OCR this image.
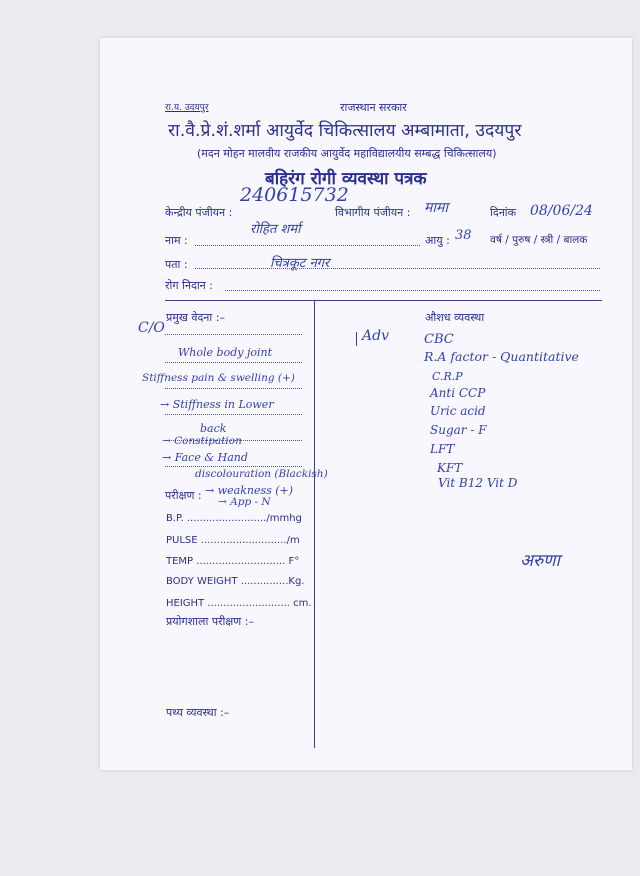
रा.य. उदयपुर	राजस्थान सरकार
रा.वै.प्रे.शं.शर्मा आयुर्वेद चिकित्सालय अम्बामाता, उदयपुर
(मदन मोहन मालवीय राजकीय आयुर्वेद महाविद्यालयीय सम्बद्ध चिकित्सालय)
बहिरंग रोगी व्यवस्था पत्रक
केन्द्रीय पंजीयन :
240615732
विभागीय पंजीयन : मामा	दिनांक 08/06/24
नाम :
रोहित शर्मा
आयु : 38 वर्ष / पुरुष / स्त्री / बालक
पता :	चित्रकूट नगर
रोग निदान :
प्रमुख वेदना :–
C/O
Whole body joint
Stiffness pain & swelling (+)
→ Stiffness in Lower
back
→ Constipation
→ Face & Hand
discolouration (Blackish)
→ weakness (+)
→ App - N
परीक्षण :
B.P. ........................./mmhg
PULSE .........................../m
TEMP ............................ F°
BODY WEIGHT ...............Kg.
HEIGHT .......................... cm.
प्रयोगशाला परीक्षण :–
पथ्य व्यवस्था :–
औशध व्यवस्था
Adv	CBC
R.A factor - Quantitative
C.R.P
Anti CCP
Uric acid
Sugar - F
LFT
KFT
Vit B12 Vit D
अरुणा
